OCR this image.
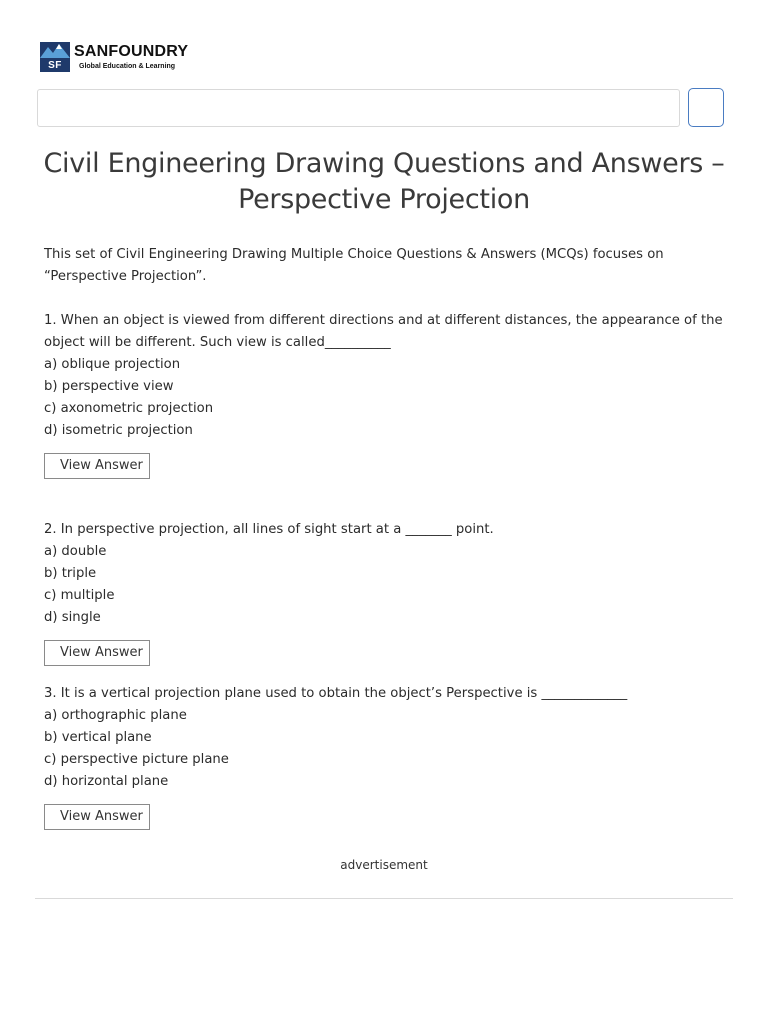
SF
SANFOUNDRY
Global Education & Learning
Civil Engineering Drawing Questions and Answers – Perspective Projection

This set of Civil Engineering Drawing Multiple Choice Questions & Answers (MCQs) focuses on “Perspective Projection”.

1. When an object is viewed from different directions and at different distances, the appearance of the object will be different. Such view is called__________

a) oblique projection
b) perspective view
c) axonometric projection
d) isometric projection
View Answer

2. In perspective projection, all lines of sight start at a _______ point.

a) double
b) triple
c) multiple
d) single
View Answer

3. It is a vertical projection plane used to obtain the object’s Perspective is _____________

a) orthographic plane
b) vertical plane
c) perspective picture plane
d) horizontal plane
View Answer
advertisement
